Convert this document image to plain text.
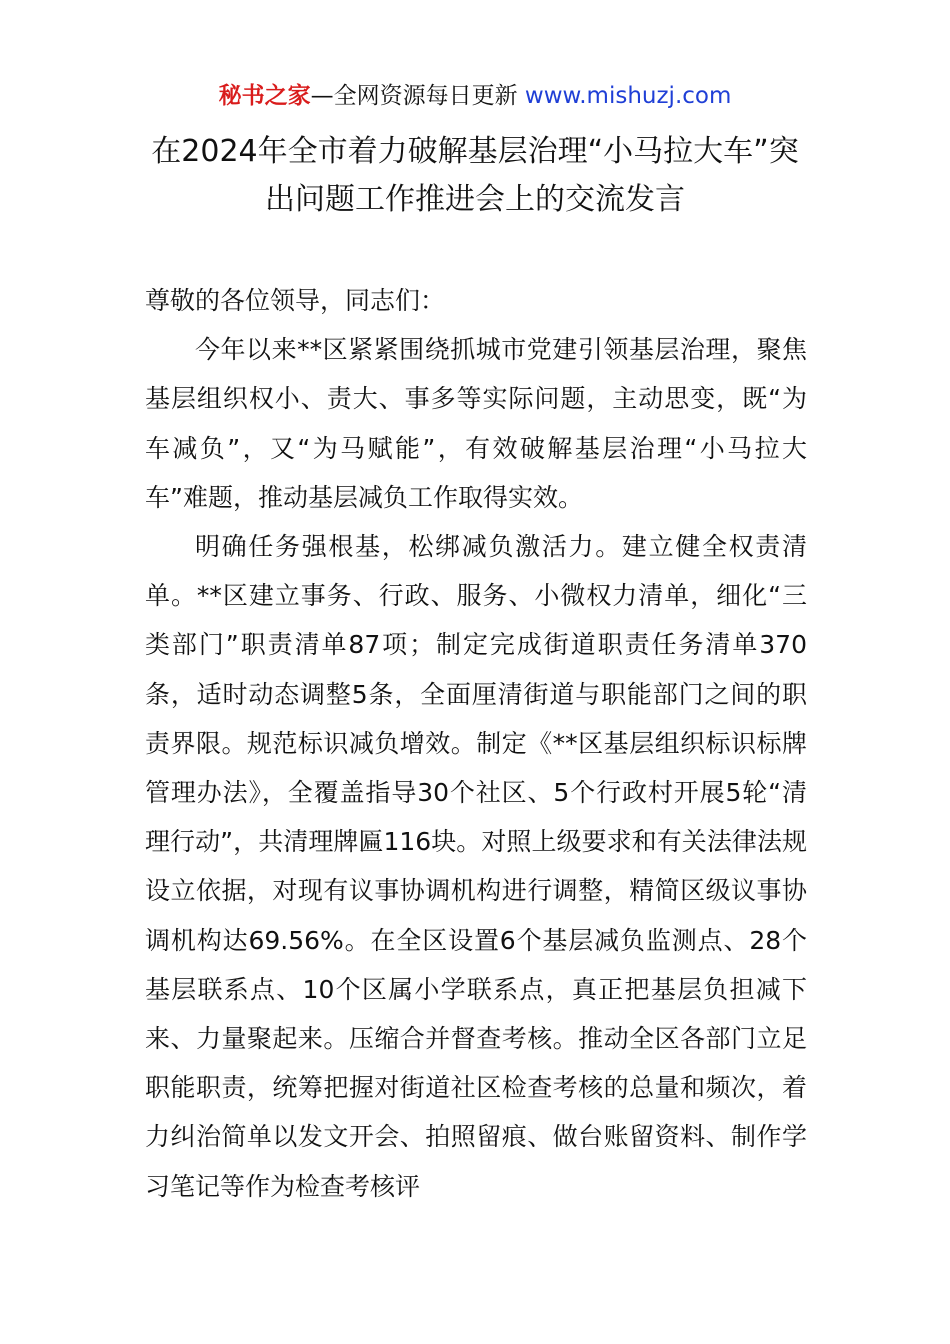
秘书之家—全网资源每日更新 www.mishuzj.com
在2024年全市着力破解基层治理“小马拉大车”突出问题工作推进会上的交流发言

尊敬的各位领导，同志们：

今年以来**区紧紧围绕抓城市党建引领基层治理，聚焦基层组织权小、责大、事多等实际问题，主动思变，既“为车减负”，又“为马赋能”，有效破解基层治理“小马拉大车”难题，推动基层减负工作取得实效。

明确任务强根基，松绑减负激活力。建立健全权责清单。**区建立事务、行政、服务、小微权力清单，细化“三类部门”职责清单87项；制定完成街道职责任务清单370条，适时动态调整5条，全面厘清街道与职能部门之间的职责界限。规范标识减负增效。制定《**区基层组织标识标牌管理办法》，全覆盖指导30个社区、5个行政村开展5轮“清理行动”，共清理牌匾116块。对照上级要求和有关法律法规设立依据，对现有议事协调机构进行调整，精简区级议事协调机构达69.56%。在全区设置6个基层减负监测点、28个基层联系点、10个区属小学联系点，真正把基层负担减下来、力量聚起来。压缩合并督查考核。推动全区各部门立足职能职责，统筹把握对街道社区检查考核的总量和频次，着力纠治简单以发文开会、拍照留痕、做台账留资料、制作学习笔记等作为检查考核评
